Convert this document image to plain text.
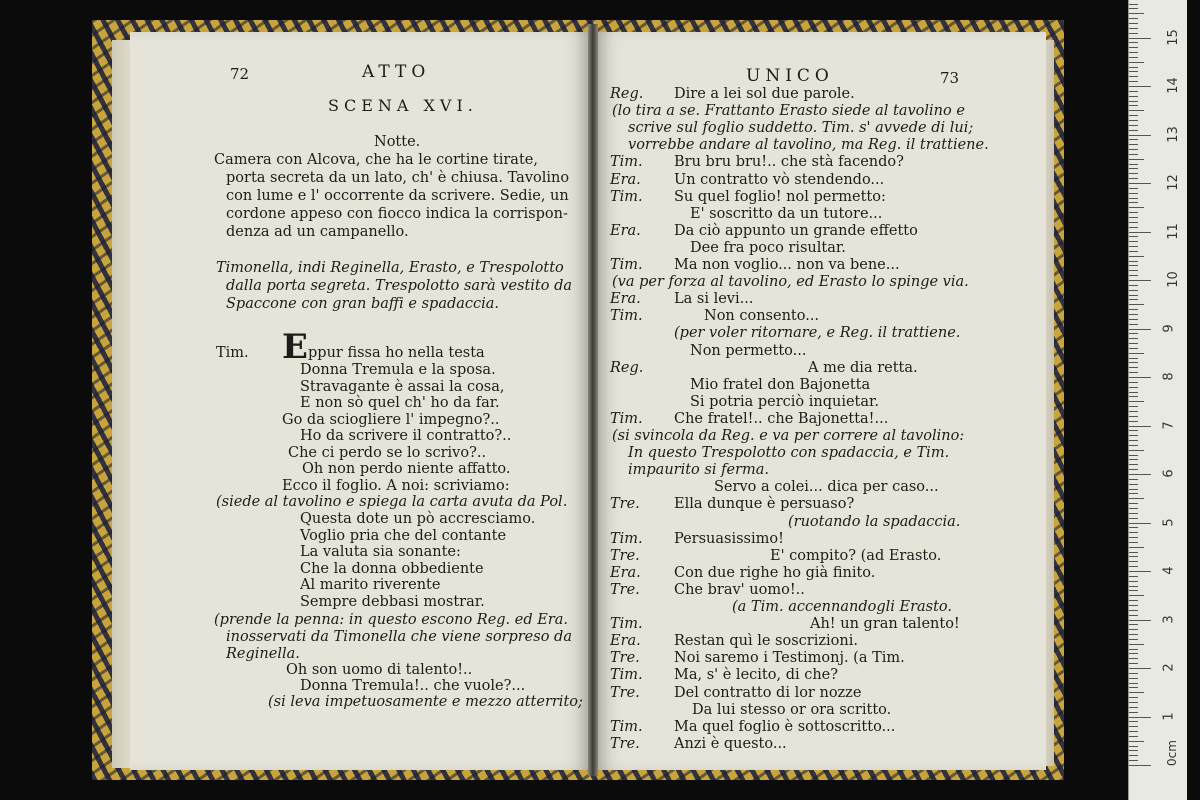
72	ATTO
SCENA XVI.
Notte.
Camera con Alcova, che ha le cortine tirate,
porta secreta da un lato, ch' è chiusa. Tavolino
con lume e l' occorrente da scrivere. Sedie, un
cordone appeso con fiocco indica la corrispon-
denza ad un campanello.
Timonella, indi Reginella, Erasto, e Trespolotto
dalla porta segreta. Trespolotto sarà vestito da
Spaccone con gran baffi e spadaccia.
Tim. E ppur fissa ho nella testa
Donna Tremula e la sposa.
Stravagante è assai la cosa,
E non sò quel ch' ho da far.
Go da sciogliere l' impegno?..
Ho da scrivere il contratto?..
Che ci perdo se lo scrivo?..
Oh non perdo niente affatto.
Ecco il foglio. A noi: scriviamo:
(siede al tavolino e spiega la carta avuta da Pol.
Questa dote un pò accresciamo.
Voglio pria che del contante
La valuta sia sonante:
Che la donna obbediente
Al marito riverente
Sempre debbasi mostrar.
(prende la penna: in questo escono Reg. ed Era.
inosservati da Timonella che viene sorpreso da
Reginella.
Oh son uomo di talento!..
Donna Tremula!.. che vuole?...
(si leva impetuosamente e mezzo atterrito;
UNICO	73
Reg. Dire a lei sol due parole.
(lo tira a se. Frattanto Erasto siede al tavolino e
scrive sul foglio suddetto. Tim. s' avvede di lui;
vorrebbe andare al tavolino, ma Reg. il trattiene.
Tim. Bru bru bru!.. che stà facendo?
Era. Un contratto vò stendendo...
Tim. Su quel foglio! nol permetto:
E' soscritto da un tutore...
Era. Da ciò appunto un grande effetto
Dee fra poco risultar.
Tim. Ma non voglio... non va bene...
(va per forza al tavolino, ed Erasto lo spinge via.
Era. La si levi...
Tim.	Non consento...
(per voler ritornare, e Reg. il trattiene.
Non permetto...
Reg.	A me dia retta.
Mio fratel don Bajonetta
Si potria perciò inquietar.
Tim. Che fratel!.. che Bajonetta!...
(si svincola da Reg. e va per correre al tavolino:
In questo Trespolotto con spadaccia, e Tim.
impaurito si ferma.
Servo a colei... dica per caso...
Tre. Ella dunque è persuaso?
(ruotando la spadaccia.
Tim. Persuasissimo!
Tre.	E' compito? (ad Erasto.
Era. Con due righe ho già finito.
Tre. Che brav' uomo!..
(a Tim. accennandogli Erasto.
Tim.	Ah! un gran talento!
Era. Restan quì le soscrizioni.
Tre. Noi saremo i Testimonj. (a Tim.
Tim. Ma, s' è lecito, di che?
Tre. Del contratto di lor nozze
Da lui stesso or ora scritto.
Tim. Ma quel foglio è sottoscritto...
Tre. Anzi è questo...	0cm
1
2
3
4
5
6
7
8
9
10
11
12
13
14
15
